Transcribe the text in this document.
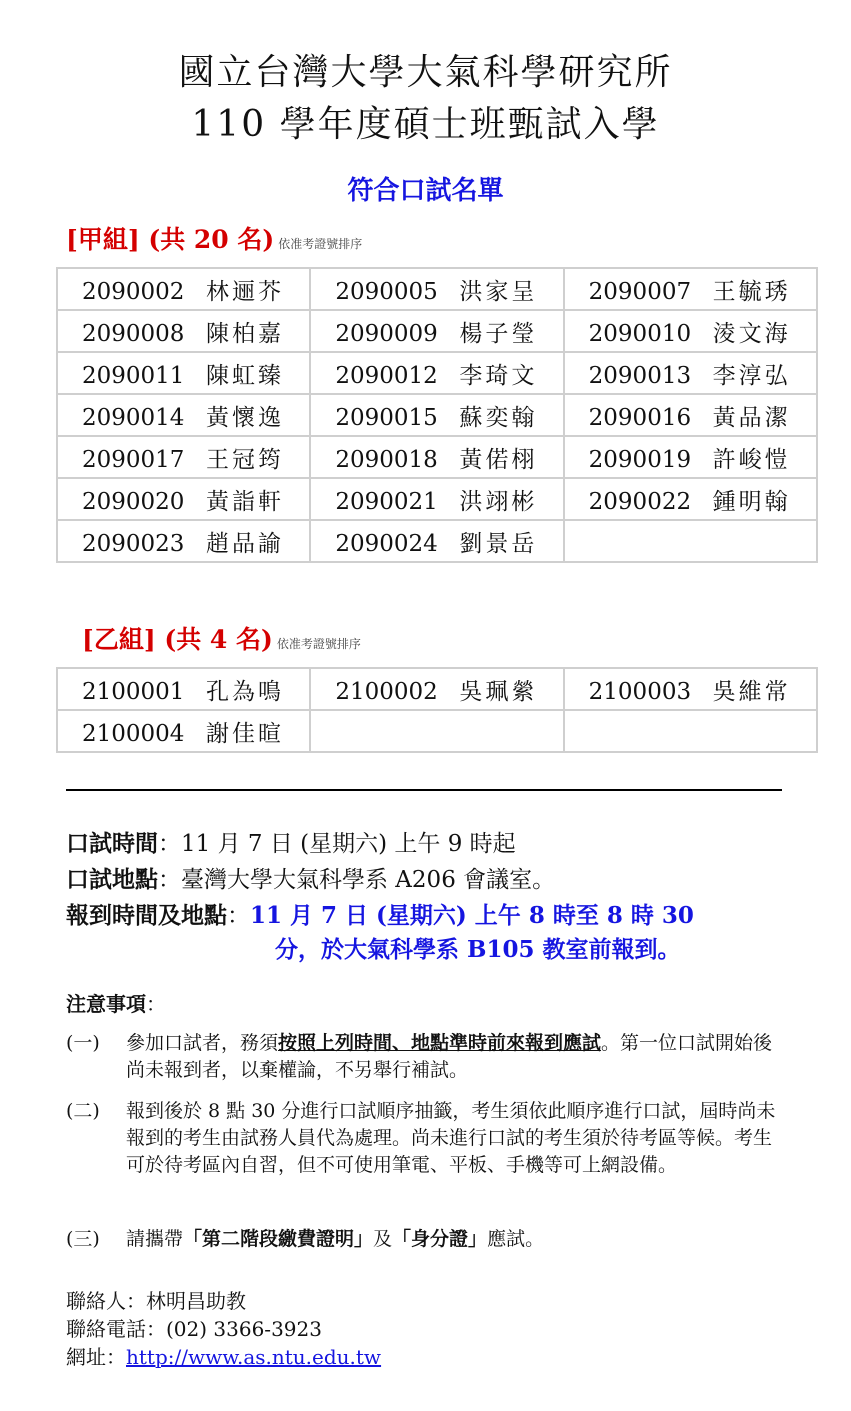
國立台灣大學大氣科學研究所
110 學年度碩士班甄試入學
符合口試名單
[甲組] (共 20 名) 依准考證號排序
2090002 林逦芥	2090005 洪家呈	2090007 王毓琇
2090008 陳柏嘉	2090009 楊子瑩	2090010 淩文海
2090011 陳虹臻	2090012 李琦文	2090013 李淳弘
2090014 黃懷逸	2090015 蘇奕翰	2090016 黃品潔
2090017 王冠筠	2090018 黃偌栩	2090019 許峻愷
2090020 黃詣軒	2090021 洪翊彬	2090022 鍾明翰
2090023 趙品諭	2090024 劉景岳	
[乙組] (共 4 名) 依准考證號排序
2100001 孔為鳴	2100002 吳珮縈	2100003 吳維常
2100004 謝佳暄		
口試時間：11 月 7 日 (星期六) 上午 9 時起
口試地點：臺灣大學大氣科學系 A206 會議室。
報到時間及地點：11 月 7 日 (星期六) 上午 8 時至 8 時 30
分，於大氣科學系 B105 教室前報到。
注意事項：
(一) 參加口試者，務須按照上列時間、地點準時前來報到應試。第一位口試開始後尚未報到者，以棄權論，不另舉行補試。
(二) 報到後於 8 點 30 分進行口試順序抽籤，考生須依此順序進行口試，屆時尚未報到的考生由試務人員代為處理。尚未進行口試的考生須於待考區等候。考生可於待考區內自習，但不可使用筆電、平板、手機等可上網設備。
(三) 請攜帶「第二階段繳費證明」及「身分證」應試。
聯絡人：林明昌助教
聯絡電話：(02) 3366-3923
網址：http://www.as.ntu.edu.tw
